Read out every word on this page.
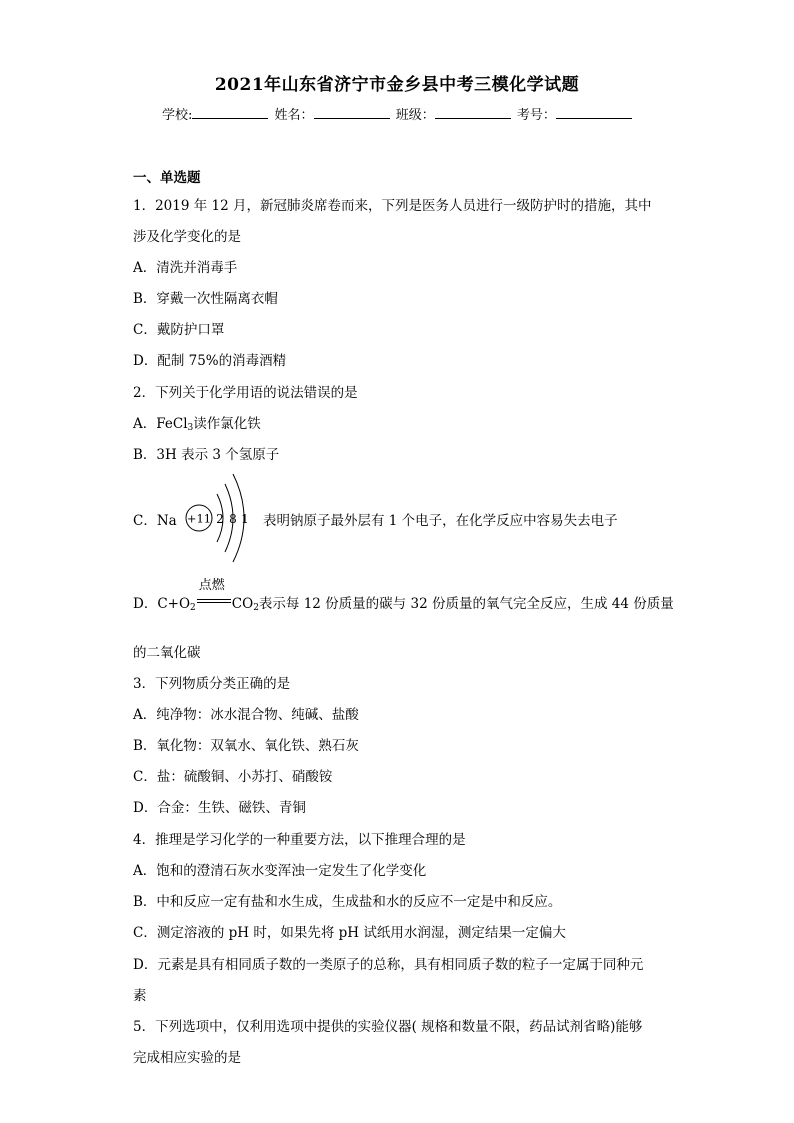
2021年山东省济宁市金乡县中考三模化学试题
学校:	姓名：	班级：	考号：
一、单选题
1．2019 年 12 月，新冠肺炎席卷而来，下列是医务人员进行一级防护时的措施，其中
涉及化学变化的是
A．清洗并消毒手
B．穿戴一次性隔离衣帽
C．戴防护口罩
D．配制 75%的消毒酒精
2．下列关于化学用语的说法错误的是
A．FeCl$_3$读作氯化铁
B．3H 表示 3 个氢原子
C．Na +11 2 8 1 表明钠原子最外层有 1 个电子，在化学反应中容易失去电子
D．$C+O_2$
点燃
$CO_2$表示每 12 份质量的碳与 32 份质量的氧气完全反应，生成 44 份质量
的二氧化碳
3．下列物质分类正确的是
A．纯净物：冰水混合物、纯碱、盐酸
B．氧化物：双氧水、氧化铁、熟石灰
C．盐：硫酸铜、小苏打、硝酸铵
D．合金：生铁、磁铁、青铜
4．推理是学习化学的一种重要方法，以下推理合理的是
A．饱和的澄清石灰水变浑浊一定发生了化学变化
B．中和反应一定有盐和水生成，生成盐和水的反应不一定是中和反应。
C．测定溶液的 pH 时，如果先将 pH 试纸用水润湿，测定结果一定偏大
D．元素是具有相同质子数的一类原子的总称，具有相同质子数的粒子一定属于同种元
素
5．下列选项中，仅利用选项中提供的实验仪器( 规格和数量不限，药品试剂省略)能够
完成相应实验的是
